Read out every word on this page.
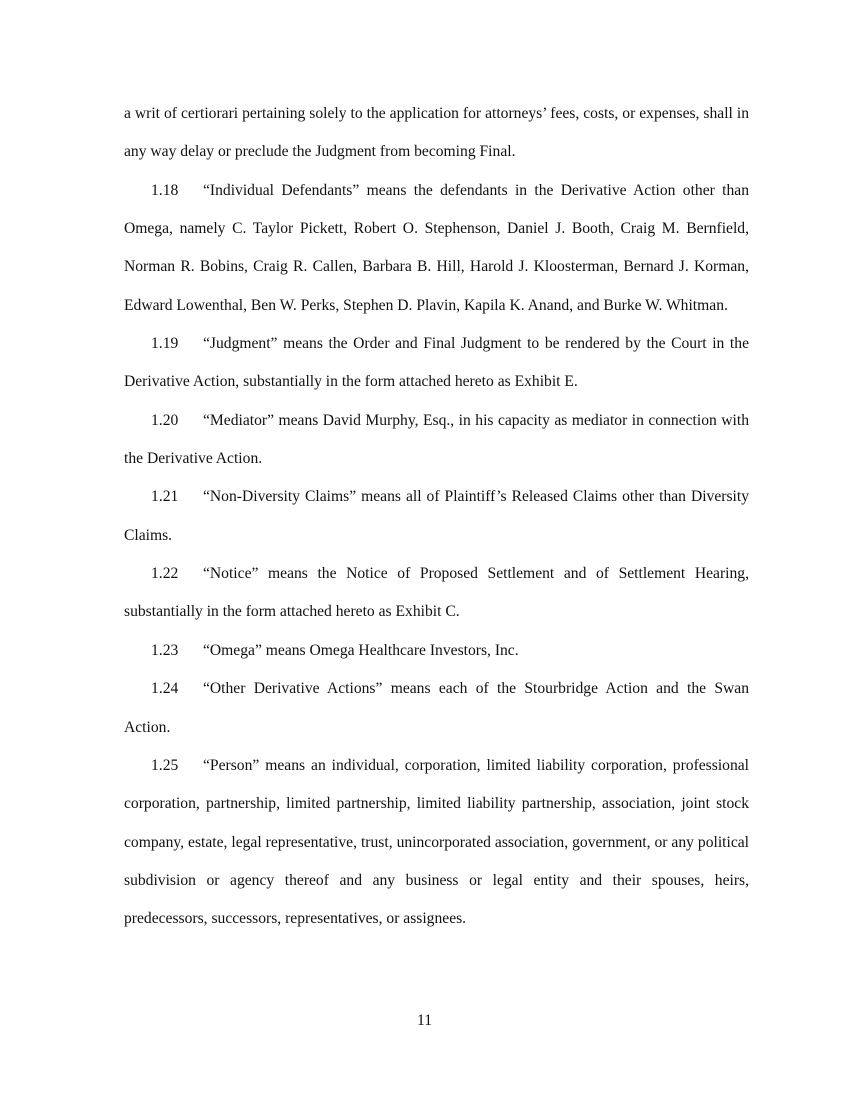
a writ of certiorari pertaining solely to the application for attorneys’ fees, costs, or expenses, shall in any way delay or preclude the Judgment from becoming Final.

1.18 “Individual Defendants” means the defendants in the Derivative Action other than Omega, namely C. Taylor Pickett, Robert O. Stephenson, Daniel J. Booth, Craig M. Bernfield, Norman R. Bobins, Craig R. Callen, Barbara B. Hill, Harold J. Kloosterman, Bernard J. Korman, Edward Lowenthal, Ben W. Perks, Stephen D. Plavin, Kapila K. Anand, and Burke W. Whitman.

1.19 “Judgment” means the Order and Final Judgment to be rendered by the Court in the Derivative Action, substantially in the form attached hereto as Exhibit E.

1.20 “Mediator” means David Murphy, Esq., in his capacity as mediator in connection with the Derivative Action.

1.21 “Non-Diversity Claims” means all of Plaintiff’s Released Claims other than Diversity Claims.

1.22 “Notice” means the Notice of Proposed Settlement and of Settlement Hearing, substantially in the form attached hereto as Exhibit C.

1.23 “Omega” means Omega Healthcare Investors, Inc.

1.24 “Other Derivative Actions” means each of the Stourbridge Action and the Swan Action.

1.25 “Person” means an individual, corporation, limited liability corporation, professional corporation, partnership, limited partnership, limited liability partnership, association, joint stock company, estate, legal representative, trust, unincorporated association, government, or any political subdivision or agency thereof and any business or legal entity and their spouses, heirs, predecessors, successors, representatives, or assignees.

11
